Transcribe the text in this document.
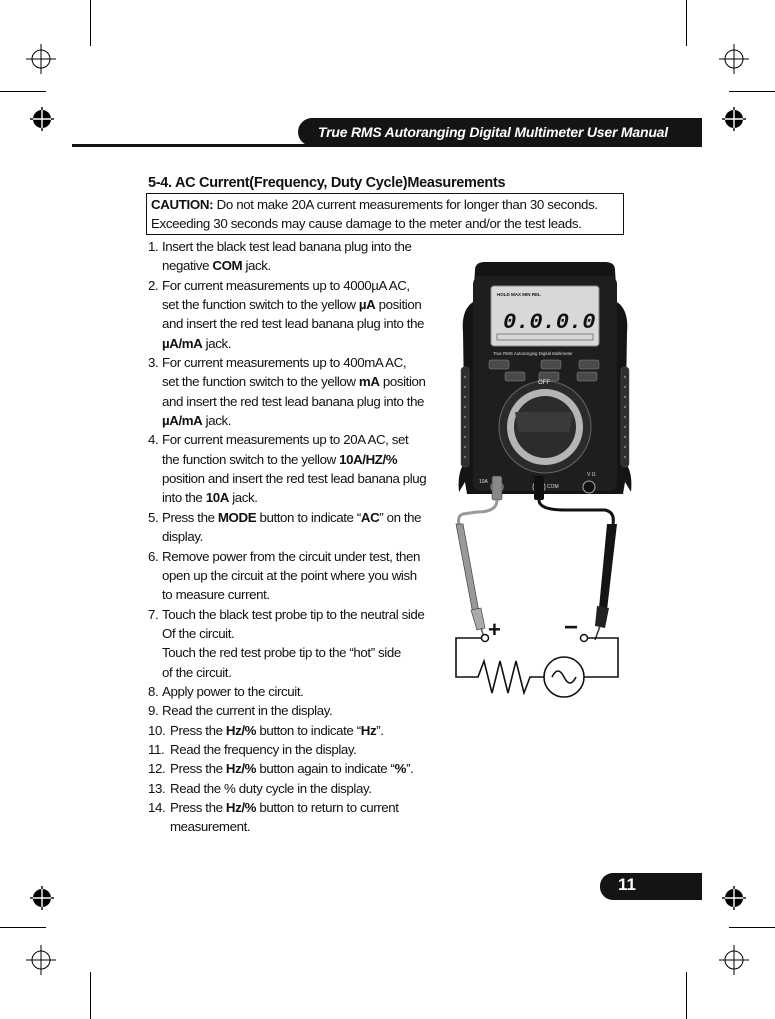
True RMS Autoranging Digital Multimeter User Manual
5-4. AC Current(Frequency, Duty Cycle)Measurements
CAUTION: Do not make 20A current measurements for longer than 30 seconds.
Exceeding 30 seconds may cause damage to the meter and/or the test leads.
1. Insert the black test lead banana plug into the
negative COM jack.
2. For current measurements up to 4000µA AC,
set the function switch to the yellow µA position
and insert the red test lead banana plug into the
µA/mA jack.
3. For current measurements up to 400mA AC,
set the function switch to the yellow mA position
and insert the red test lead banana plug into the
µA/mA jack.
4. For current measurements up to 20A AC, set
the function switch to the yellow 10A/HZ/%
position and insert the red test lead banana plug
into the 10A jack.
5. Press the MODE button to indicate “AC” on the
display.
6. Remove power from the circuit under test, then
open up the circuit at the point where you wish
to measure current.
7. Touch the black test probe tip to the neutral side
Of the circuit.
Touch the red test probe tip to the “hot” side
of the circuit.
8. Apply power to the circuit.
9. Read the current in the display.
10. Press the Hz/% button to indicate “Hz”.
11. Read the frequency in the display.
12. Press the Hz/% button again to indicate “%”.
13. Read the % duty cycle in the display.
14. Press the Hz/% button to return to current
measurement.
HOLD MAX MIN REL
0.0.0.0
True RMS Autoranging Digital Multimeter
OFF
10A
COM
V Ω
+	−
11
